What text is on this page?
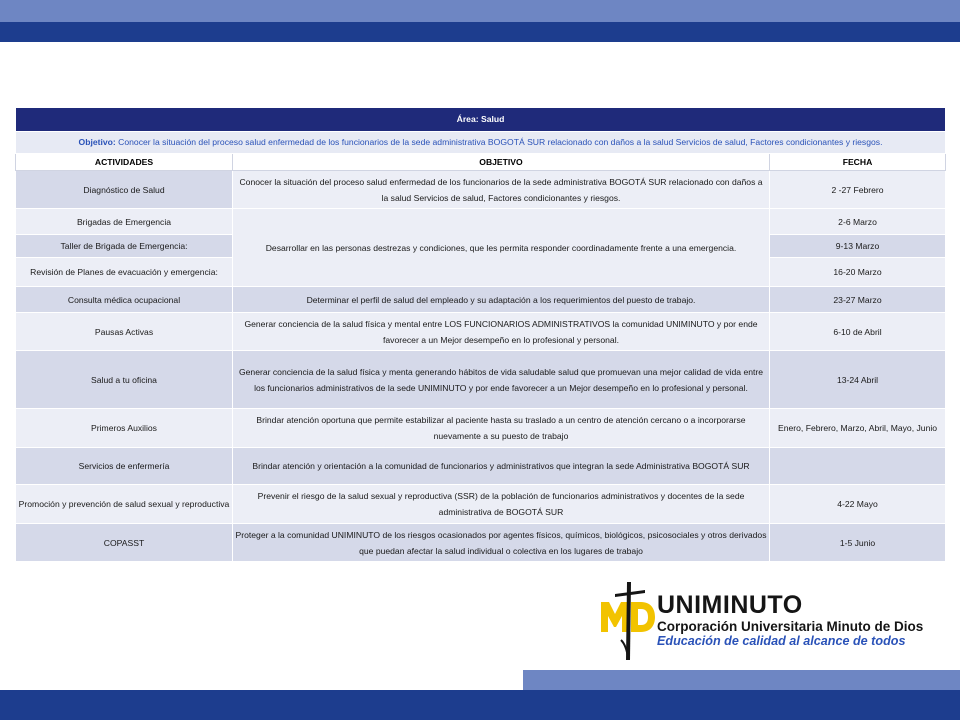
Área: Salud		
Objetivo: Conocer la situación del proceso salud enfermedad de los funcionarios de la sede administrativa BOGOTÁ SUR relacionado con daños a la salud Servicios de salud, Factores condicionantes y riesgos.		
ACTIVIDADES	OBJETIVO	FECHA
Diagnóstico de Salud	Conocer la situación del proceso salud enfermedad de los funcionarios de la sede administrativa BOGOTÁ SUR relacionado con daños a la salud Servicios de salud, Factores condicionantes y riesgos.	2 -27 Febrero
Brigadas de Emergencia	Desarrollar en las personas destrezas y condiciones, que les permita responder coordinadamente frente a una emergencia.	2-6 Marzo
Taller de Brigada de Emergencia:		9-13 Marzo
Revisión de Planes de evacuación y emergencia:		16-20 Marzo
Consulta médica ocupacional	Determinar el perfil de salud del empleado y su adaptación a los requerimientos del puesto de trabajo.	23-27 Marzo
Pausas Activas	Generar conciencia de la salud física y mental entre LOS FUNCIONARIOS ADMINISTRATIVOS la comunidad UNIMINUTO y por ende favorecer a un Mejor desempeño en lo profesional y personal.	6-10 de Abril
Salud a tu oficina	Generar conciencia de la salud física y menta generando hábitos de vida saludable salud que promuevan una mejor calidad de vida entre los funcionarios administrativos de la sede UNIMINUTO y por ende favorecer a un Mejor desempeño en lo profesional y personal.	13-24 Abril
Primeros Auxilios	Brindar atención oportuna que permite estabilizar al paciente hasta su traslado a un centro de atención cercano o a incorporarse nuevamente a su puesto de trabajo	Enero, Febrero, Marzo, Abril, Mayo, Junio
Servicios de enfermería	Brindar atención y orientación a la comunidad de funcionarios y administrativos que integran la sede Administrativa BOGOTÁ SUR	
Promoción y prevención de salud sexual y reproductiva	Prevenir el riesgo de la salud sexual y reproductiva (SSR) de la población de funcionarios administrativos y docentes de la sede administrativa de BOGOTÁ SUR	4-22 Mayo
COPASST	Proteger a la comunidad UNIMINUTO de los riesgos ocasionados por agentes físicos, químicos, biológicos, psicosociales y otros derivados que puedan afectar la salud individual o colectiva en los lugares de trabajo	1-5 Junio
UNIMINUTO
Corporación Universitaria Minuto de Dios
Educación de calidad al alcance de todos
